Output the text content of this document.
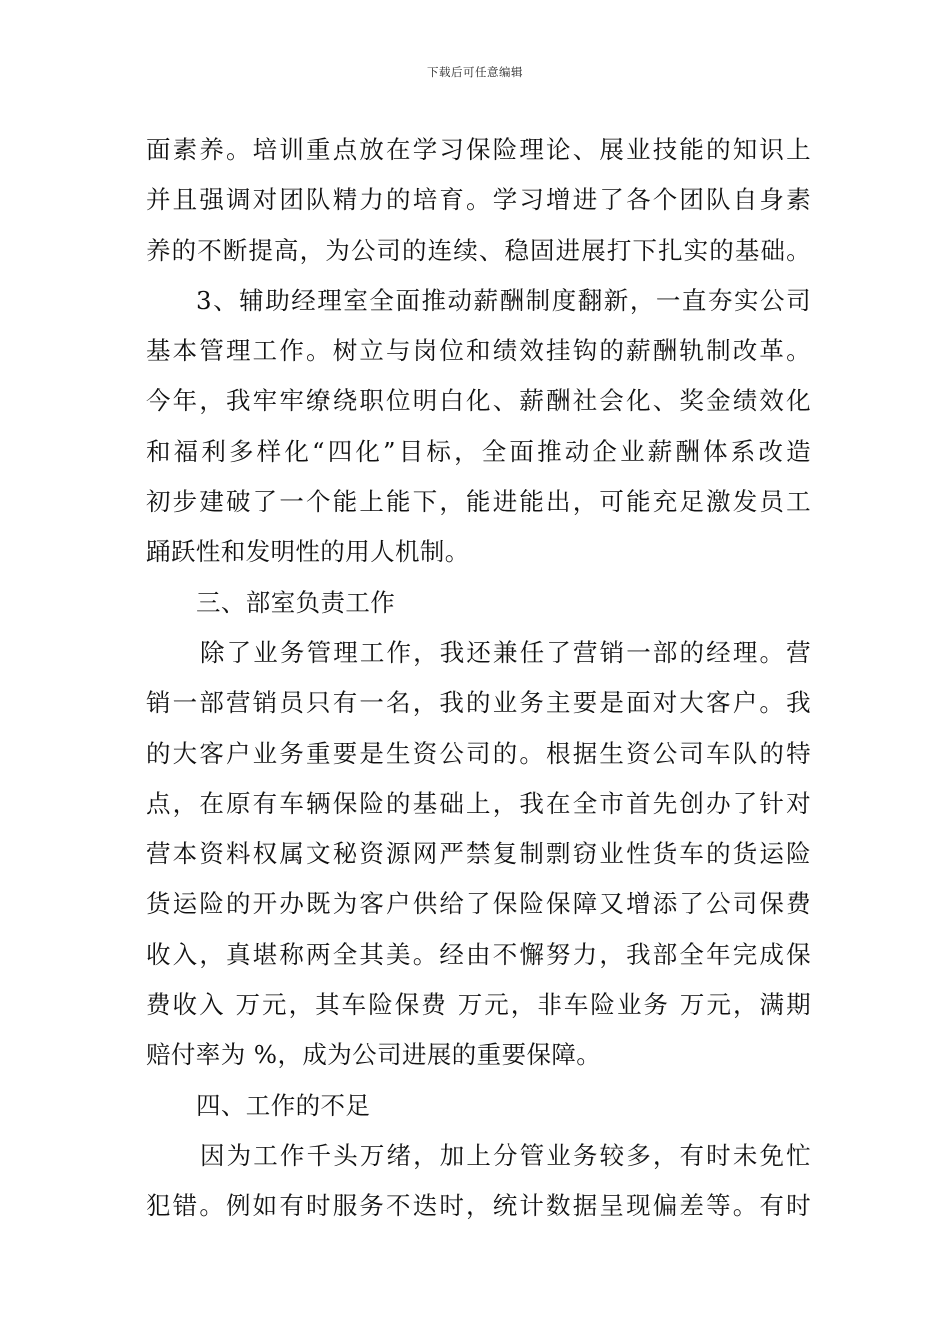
下载后可任意编辑
面素养。培训重点放在学习保险理论、展业技能的知识上
并且强调对团队精力的培育。学习增进了各个团队自身素
养的不断提高，为公司的连续、稳固进展打下扎实的基础。
3、辅助经理室全面推动薪酬制度翻新，一直夯实公司
基本管理工作。树立与岗位和绩效挂钩的薪酬轨制改革。
今年，我牢牢缭绕职位明白化、薪酬社会化、奖金绩效化
和福利多样化“四化”目标，全面推动企业薪酬体系改造
初步建破了一个能上能下，能进能出，可能充足激发员工
踊跃性和发明性的用人机制。
三、部室负责工作
除了业务管理工作，我还兼任了营销一部的经理。营
销一部营销员只有一名，我的业务主要是面对大客户。我
的大客户业务重要是生资公司的。根据生资公司车队的特
点，在原有车辆保险的基础上，我在全市首先创办了针对
营本资料权属文秘资源网严禁复制剽窃业性货车的货运险
货运险的开办既为客户供给了保险保障又增添了公司保费
收入，真堪称两全其美。经由不懈努力，我部全年完成保
费收入 万元，其车险保费 万元，非车险业务 万元，满期
赔付率为 %，成为公司进展的重要保障。
四、工作的不足
因为工作千头万绪，加上分管业务较多，有时未免忙
犯错。例如有时服务不迭时，统计数据呈现偏差等。有时
